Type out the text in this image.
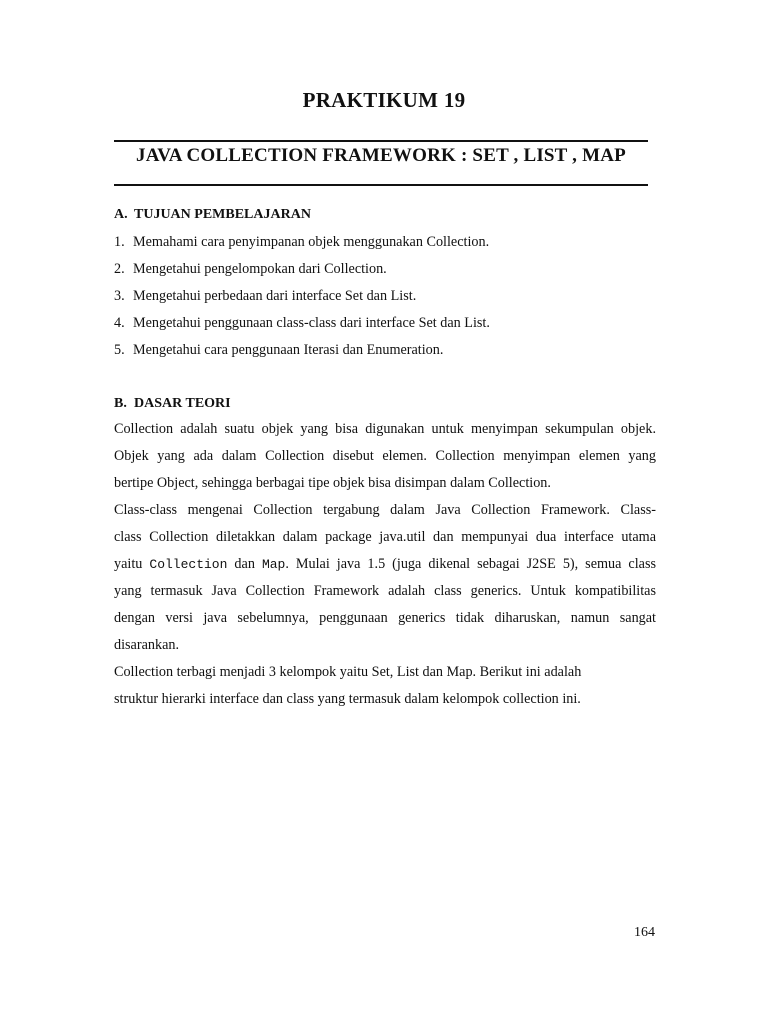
PRAKTIKUM 19
JAVA COLLECTION FRAMEWORK : SET , LIST , MAP
A. TUJUAN PEMBELAJARAN
1. Memahami cara penyimpanan objek menggunakan Collection.
2. Mengetahui pengelompokan dari Collection.
3. Mengetahui perbedaan dari interface Set dan List.
4. Mengetahui penggunaan class-class dari interface Set dan List.
5. Mengetahui cara penggunaan Iterasi dan Enumeration.
B. DASAR TEORI
Collection adalah suatu objek yang bisa digunakan untuk menyimpan sekumpulan objek.
Objek yang ada dalam Collection disebut elemen. Collection menyimpan elemen yang
bertipe Object, sehingga berbagai tipe objek bisa disimpan dalam Collection.
Class-class mengenai Collection tergabung dalam Java Collection Framework. Class-
class Collection diletakkan dalam package java.util dan mempunyai dua interface utama
yaitu Collection dan Map. Mulai java 1.5 (juga dikenal sebagai J2SE 5), semua class
yang termasuk Java Collection Framework adalah class generics. Untuk kompatibilitas
dengan versi java sebelumnya, penggunaan generics tidak diharuskan, namun sangat
disarankan.
Collection terbagi menjadi 3 kelompok yaitu Set, List dan Map. Berikut ini adalah
struktur hierarki interface dan class yang termasuk dalam kelompok collection ini.
164
